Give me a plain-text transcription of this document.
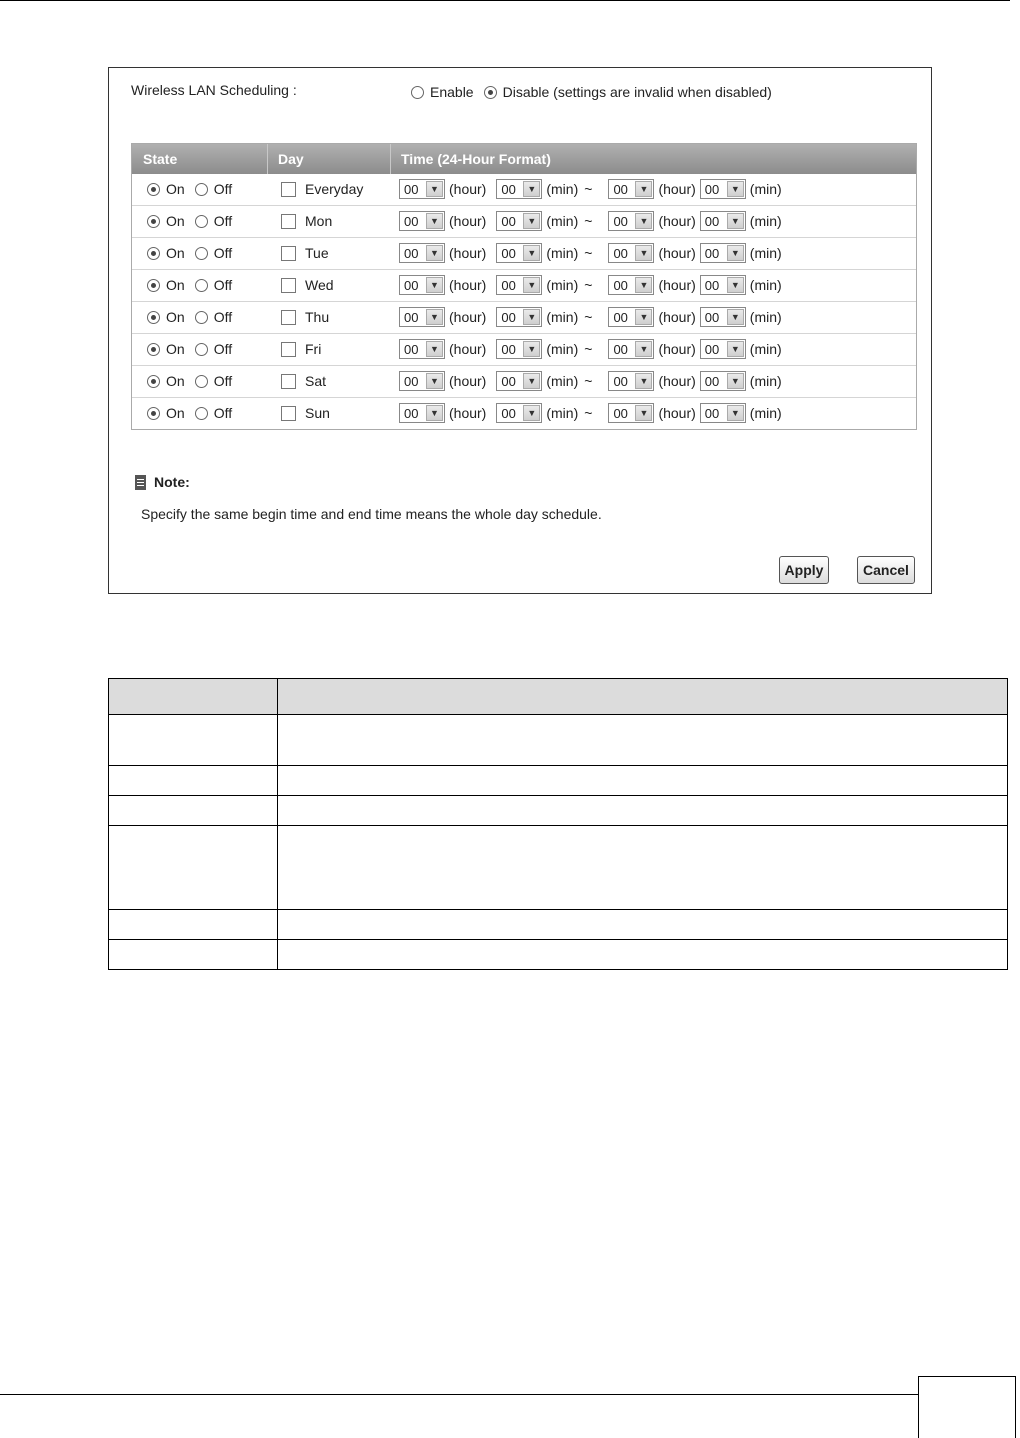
Wireless LAN Scheduling :	Enable Disable (settings are invalid when disabled)
State	Day	Time (24-Hour Format)
On Off	Everyday	00	▼ (hour)	00	▼ (min) ~	00	▼ (hour) 00	▼ (min)
On Off	Mon	00	▼ (hour)	00	▼ (min) ~	00	▼ (hour) 00	▼ (min)
On Off	Tue	00	▼ (hour)	00	▼ (min) ~	00	▼ (hour) 00	▼ (min)
On Off	Wed	00	▼ (hour)	00	▼ (min) ~	00	▼ (hour) 00	▼ (min)
On Off	Thu	00	▼ (hour)	00	▼ (min) ~	00	▼ (hour) 00	▼ (min)
On Off	Fri	00	▼ (hour)	00	▼ (min) ~	00	▼ (hour) 00	▼ (min)
On Off	Sat	00	▼ (hour)	00	▼ (min) ~	00	▼ (hour) 00	▼ (min)
On Off	Sun	00	▼ (hour)	00	▼ (min) ~	00	▼ (hour) 00	▼ (min)
Note:
Specify the same begin time and end time means the whole day schedule.
Apply	Cancel
